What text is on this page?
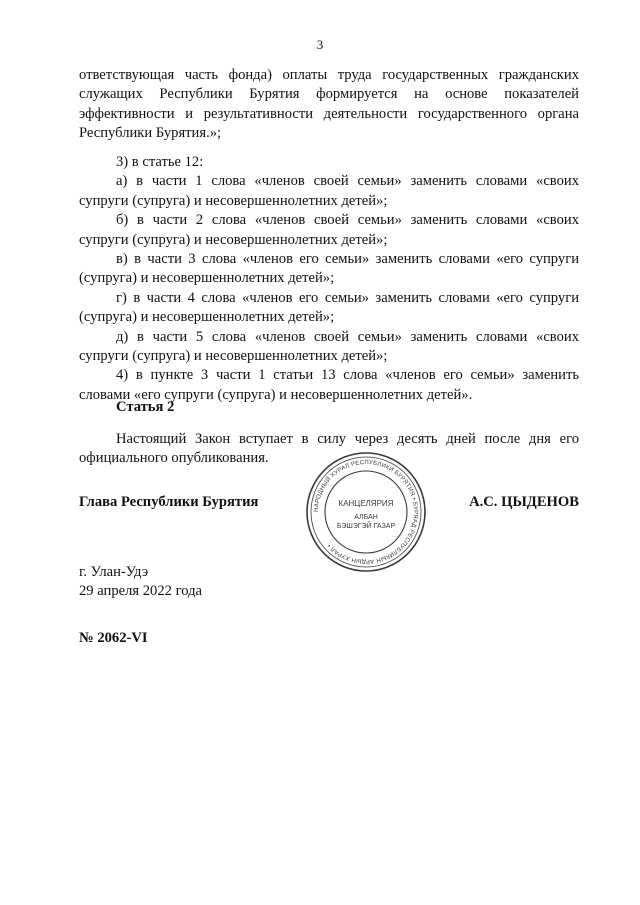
3

ответствующая часть фонда) оплаты труда государственных гражданских служащих Республики Бурятия формируется на основе показателей эффективности и результативности деятельности государственного органа Республики Бурятия.»;

3) в статье 12:

а) в части 1 слова «членов своей семьи» заменить словами «своих супруги (супруга) и несовершеннолетних детей»;

б) в части 2 слова «членов своей семьи» заменить словами «своих супруги (супруга) и несовершеннолетних детей»;

в) в части 3 слова «членов его семьи» заменить словами «его супруги (супруга) и несовершеннолетних детей»;

г) в части 4 слова «членов его семьи» заменить словами «его супруги (супруга) и несовершеннолетних детей»;

д) в части 5 слова «членов своей семьи» заменить словами «своих супруги (супруга) и несовершеннолетних детей»;

4) в пункте 3 части 1 статьи 13 слова «членов его семьи» заменить словами «его супруги (супруга) и несовершеннолетних детей».

Статья 2

Настоящий Закон вступает в силу через десять дней после дня его официального опубликования.

Глава Республики Бурятия	А.С. ЦЫДЕНОВ
НАРОДНЫЙ ХУРАЛ РЕСПУБЛИКИ БУРЯТИЯ • БУРЯАД РЕСПУБЛИКЫН АРДЫН ХУРАЛ •
КАНЦЕЛЯРИЯ
АЛБАН
БЭШЭГЭЙ ГАЗАР
г. Улан-Удэ
29 апреля 2022 года
№ 2062-VI
